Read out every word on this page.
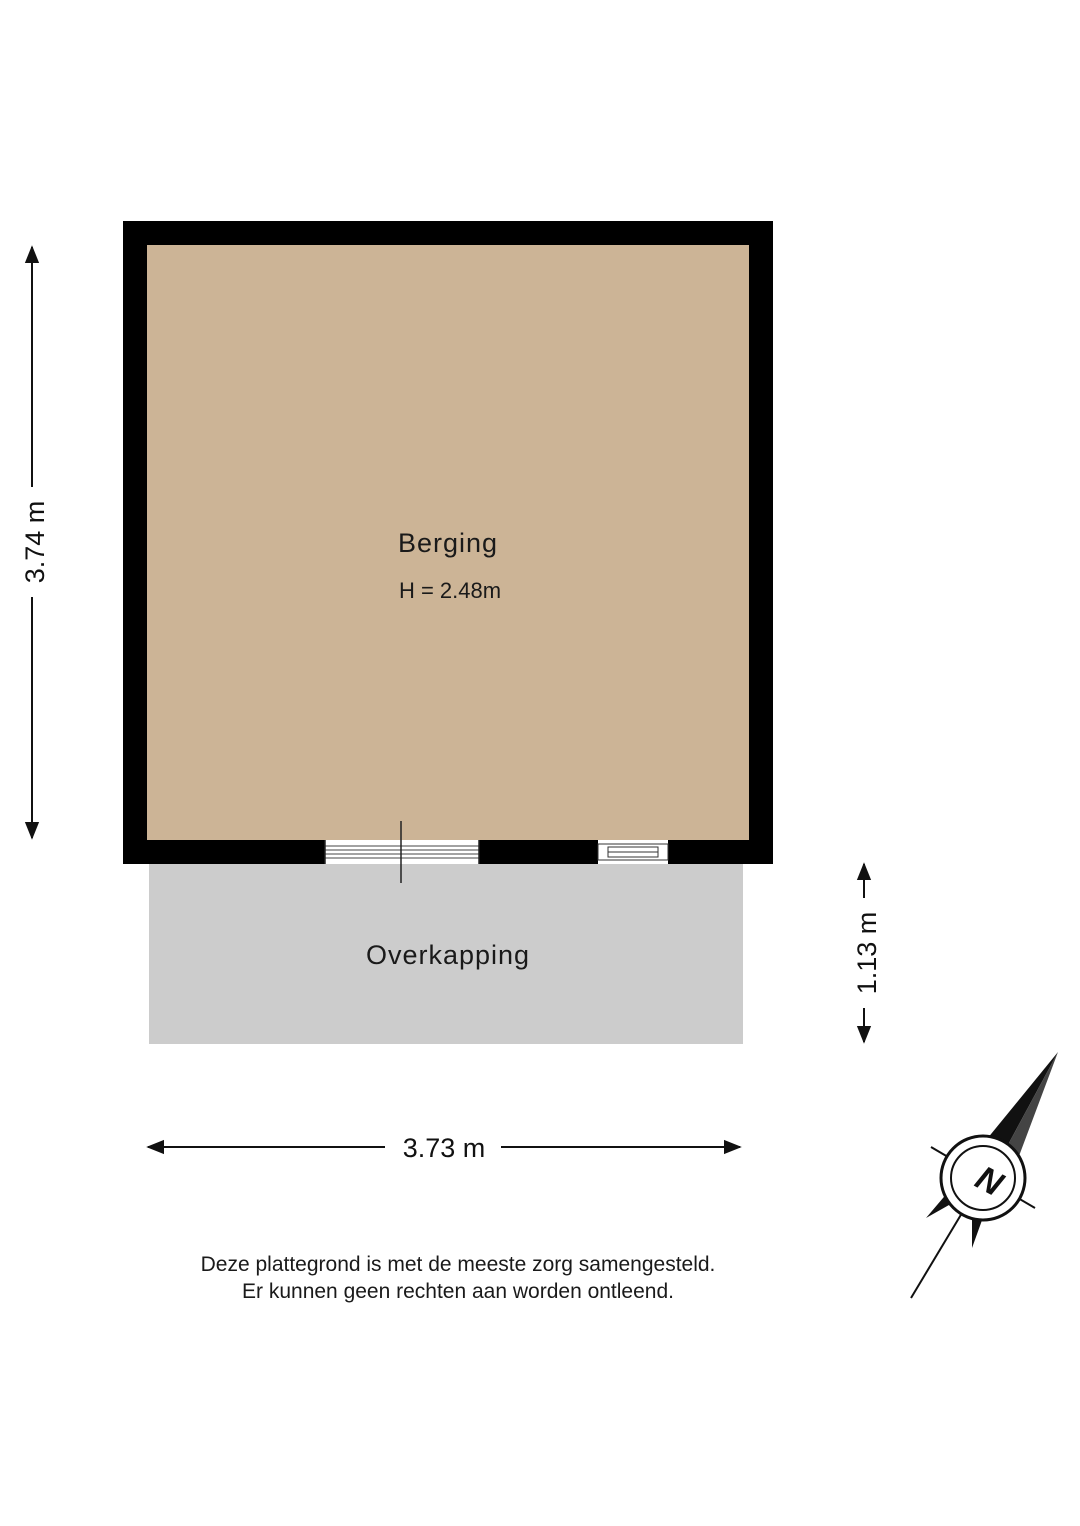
Berging
H = 2.48m
Overkapping
3.74 m
1.13 m
3.73 m
N
Deze plattegrond is met de meeste zorg samengesteld.
Er kunnen geen rechten aan worden ontleend.
